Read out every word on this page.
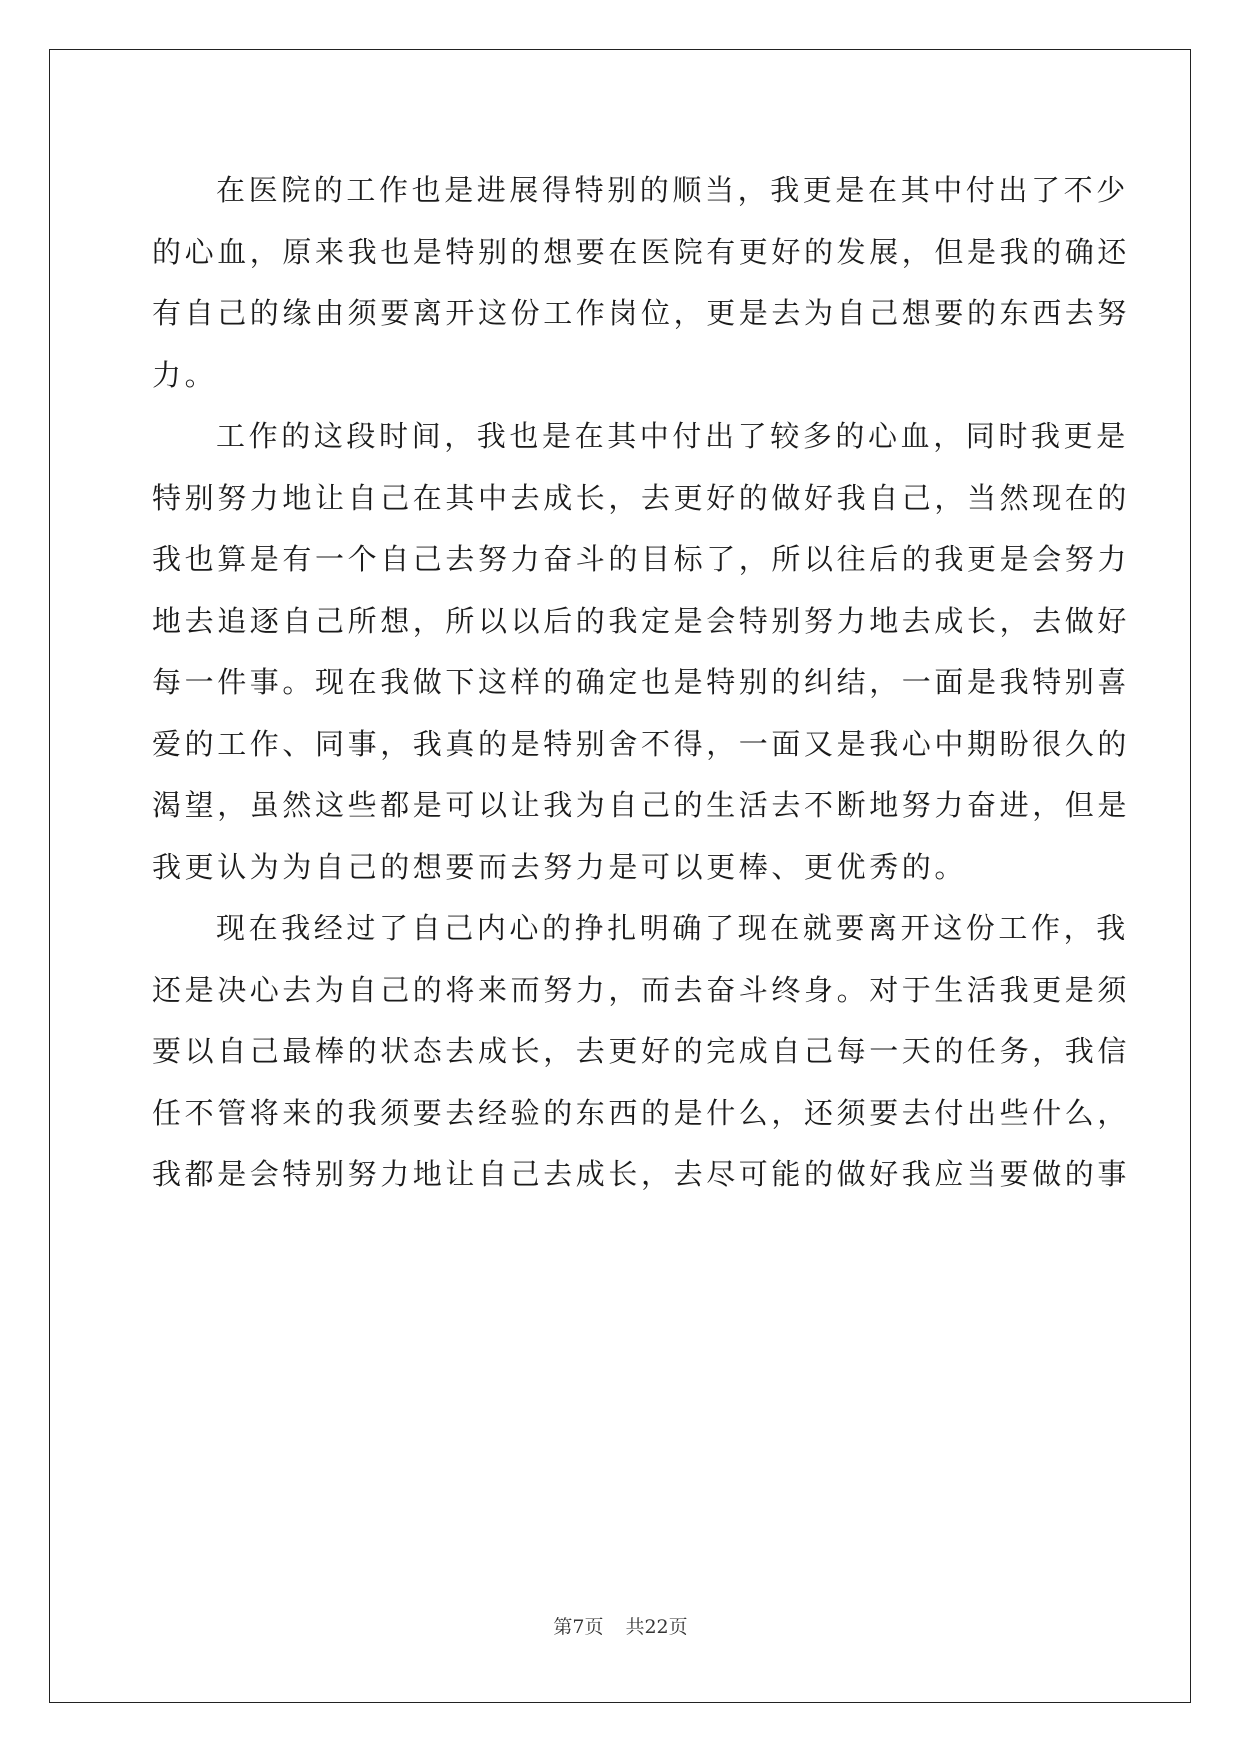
在医院的工作也是进展得特别的顺当，我更是在其中付出了不少
的心血，原来我也是特别的想要在医院有更好的发展，但是我的确还
有自己的缘由须要离开这份工作岗位，更是去为自己想要的东西去努
力。
工作的这段时间，我也是在其中付出了较多的心血，同时我更是
特别努力地让自己在其中去成长，去更好的做好我自己，当然现在的
我也算是有一个自己去努力奋斗的目标了，所以往后的我更是会努力
地去追逐自己所想，所以以后的我定是会特别努力地去成长，去做好
每一件事。现在我做下这样的确定也是特别的纠结，一面是我特别喜
爱的工作、同事，我真的是特别舍不得，一面又是我心中期盼很久的
渴望，虽然这些都是可以让我为自己的生活去不断地努力奋进，但是
我更认为为自己的想要而去努力是可以更棒、更优秀的。
现在我经过了自己内心的挣扎明确了现在就要离开这份工作，我
还是决心去为自己的将来而努力，而去奋斗终身。对于生活我更是须
要以自己最棒的状态去成长，去更好的完成自己每一天的任务，我信
任不管将来的我须要去经验的东西的是什么，还须要去付出些什么，
我都是会特别努力地让自己去成长，去尽可能的做好我应当要做的事
第7页 共22页
